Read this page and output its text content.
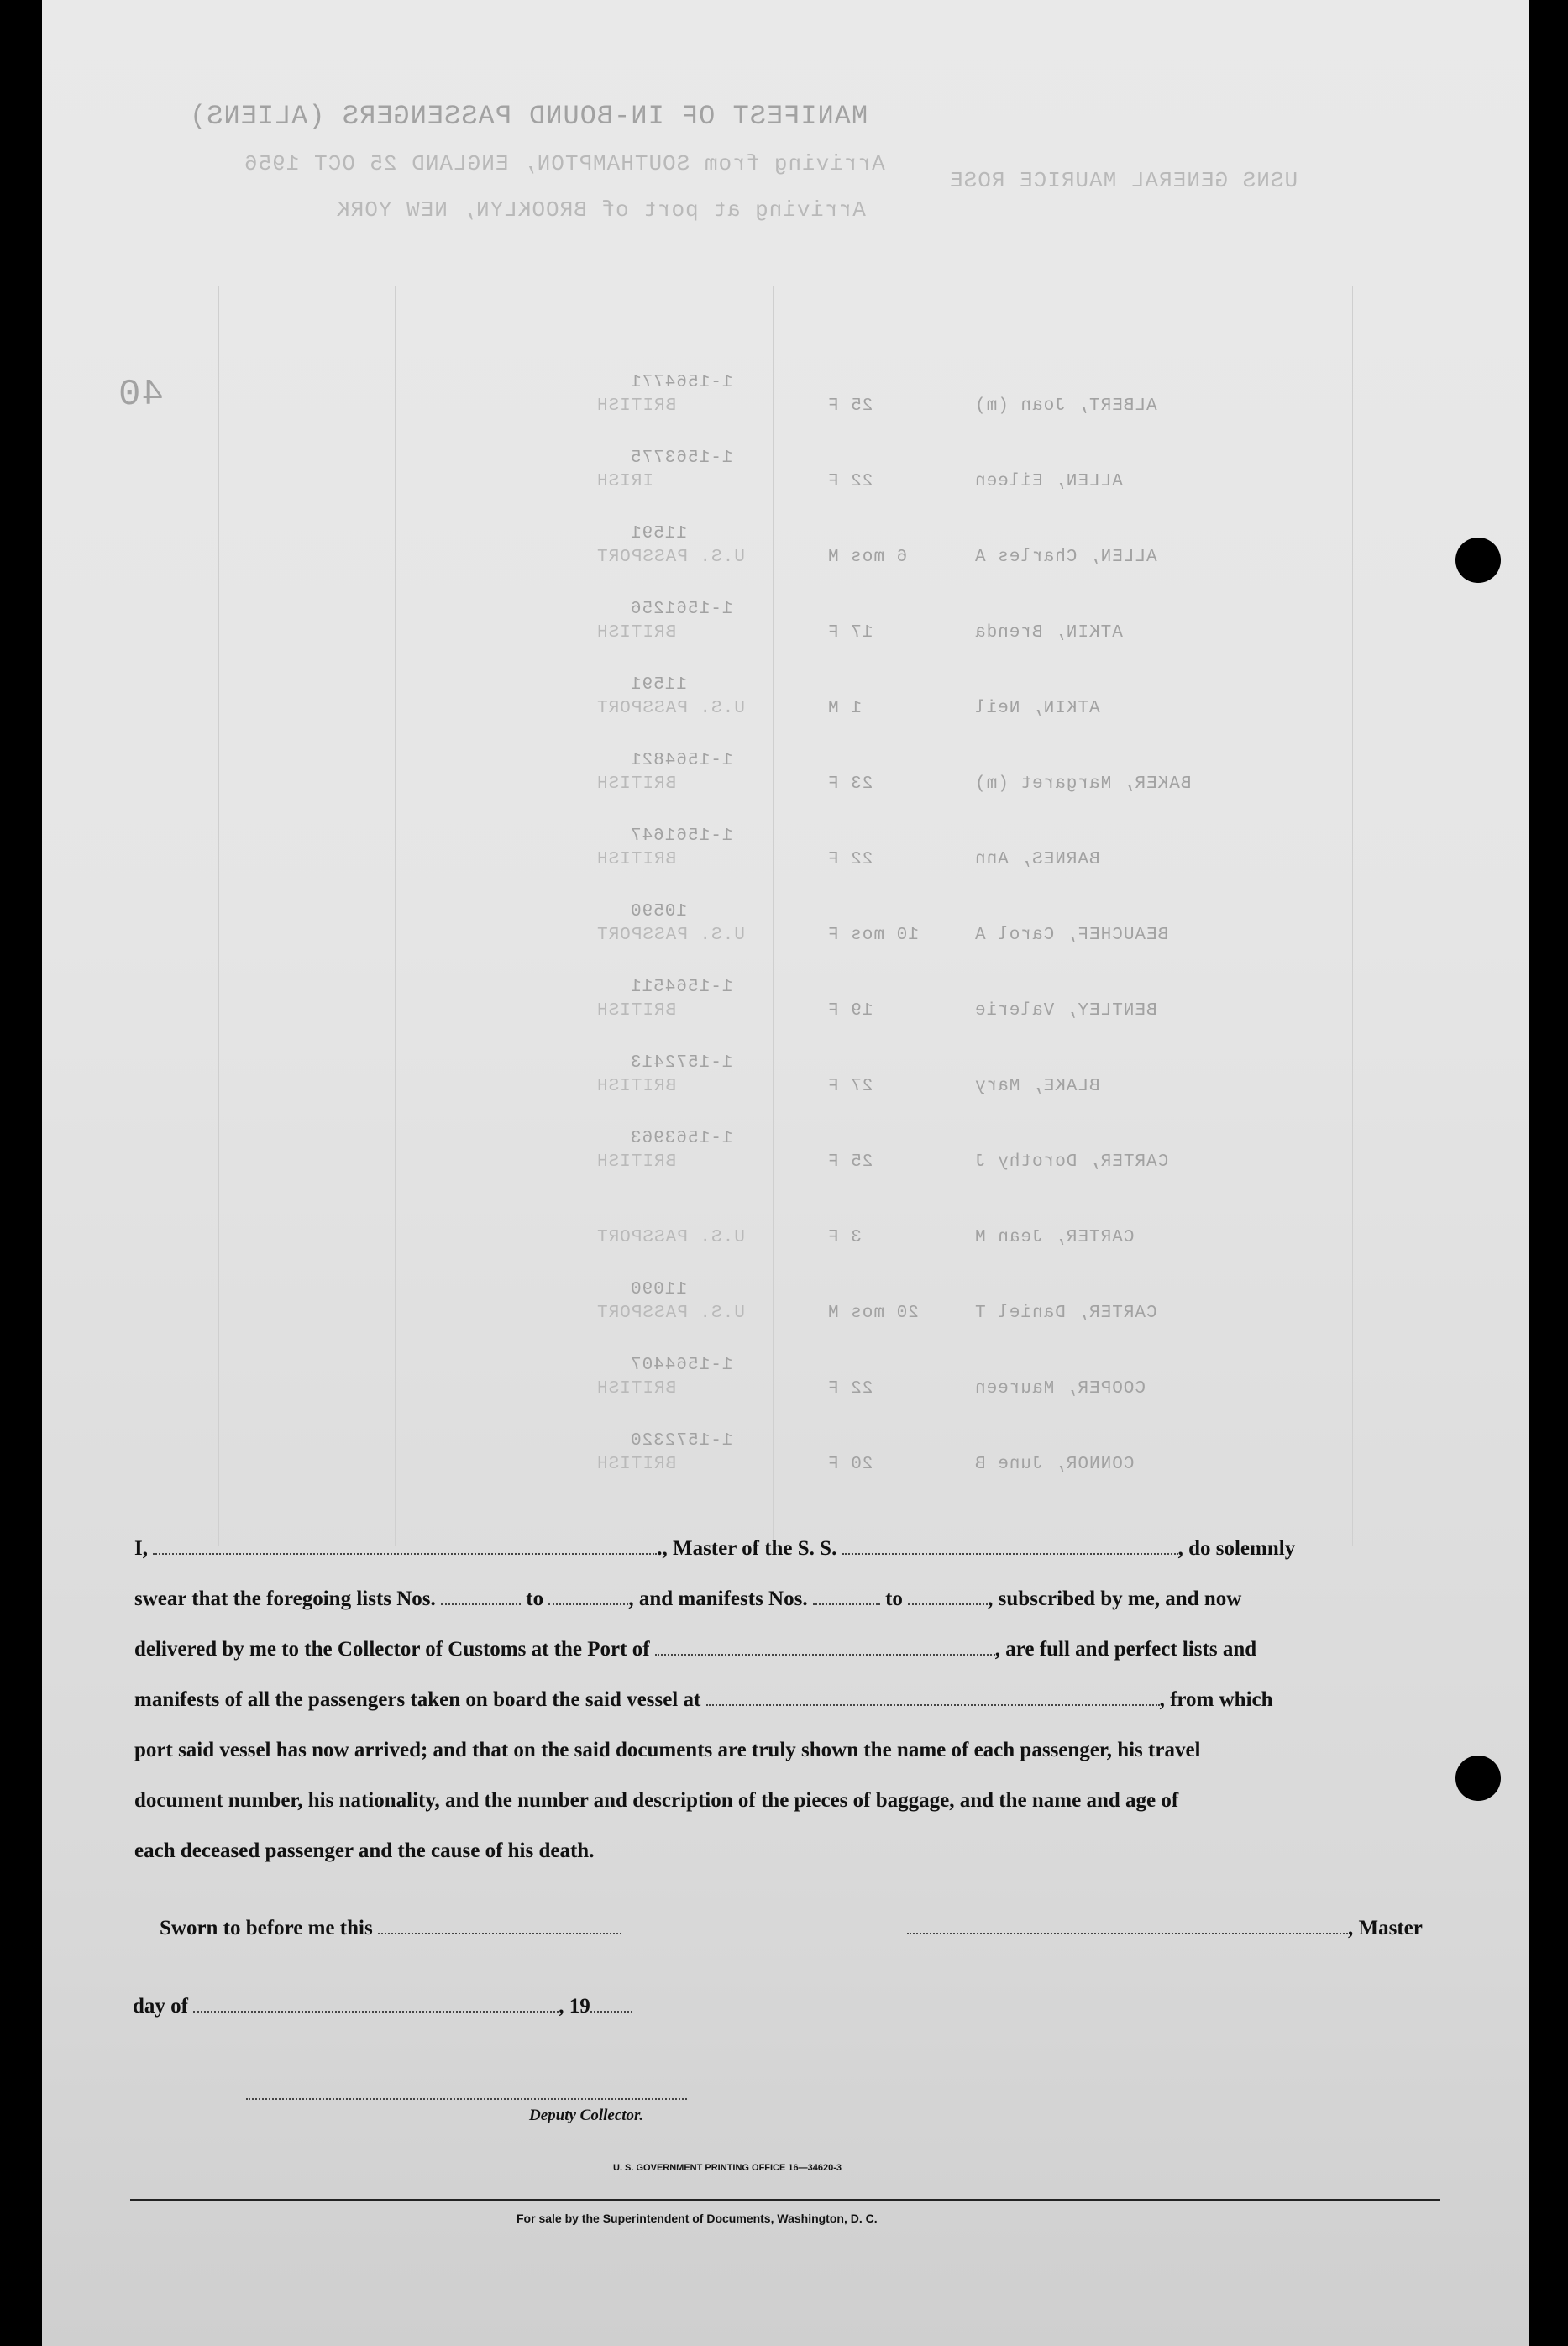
MANIFEST OF IN-BOUND PASSENGERS (ALIENS)
Arriving from SOUTHAMPTON, ENGLAND 25 OCT 1956
Arriving at port of BROOKLYN, NEW YORK
USNS GENERAL MAURICE ROSE
40	1-1564771
BRITISH	25 F	ALBERT, Joan (m)
1-1563775
IRISH	22 F	ALLEN, Eileen
11591
U.S. PASSPORT	6 mos M	ALLEN, Charles A
1-1561256
BRITISH	17 F	ATKIN, Brenda
11591
U.S. PASSPORT	1 M	ATKIN, Neil
1-1564821
BRITISH	23 F	BAKER, Margaret (m)
1-1561647
BRITISH	22 F	BARNES, Ann
10590
U.S. PASSPORT	10 mos F	BEAUCHEF, Carol A
1-1564511
BRITISH	19 F	BENTLEY, Valerie
1-1572413
BRITISH	27 F	BLAKE, Mary
1-1563963
BRITISH	25 F	CARTER, Dorothy J
U.S. PASSPORT	3 F	CARTER, Jean M
11090
U.S. PASSPORT	20 mos M	CARTER, Daniel T
1-1564407
BRITISH	22 F	COOPER, Maureen
1-1572320
BRITISH	20 F	CONNOR, June B
I,	., Master of the S. S.	, do solemnly
swear that the foregoing lists Nos.	to	, and manifests Nos.	to	, subscribed by me, and now
delivered by me to the Collector of Customs at the Port of	, are full and perfect lists and
manifests of all the passengers taken on board the said vessel at	, from which
port said vessel has now arrived; and that on the said documents are truly shown the name of each passenger, his travel
document number, his nationality, and the number and description of the pieces of baggage, and the name and age of
each deceased passenger and the cause of his death.
Sworn to before me this	, Master
day of	, 19
Deputy Collector.
U. S. GOVERNMENT PRINTING OFFICE 16—34620-3
For sale by the Superintendent of Documents, Washington, D. C.
